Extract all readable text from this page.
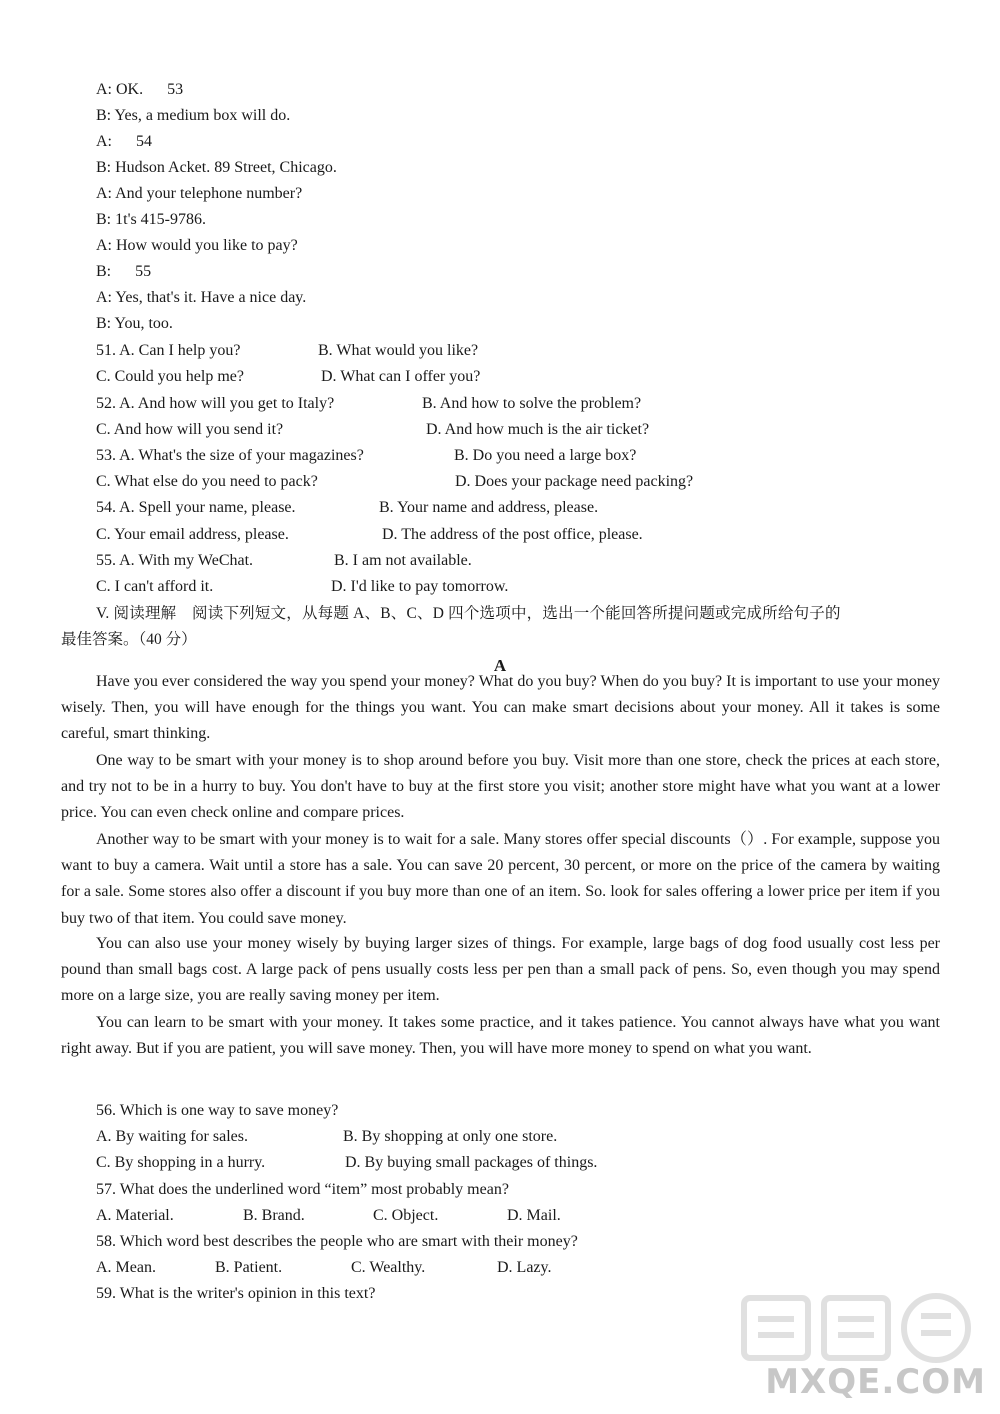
A: OK. 53
B: Yes, a medium box will do.
A: 54
B: Hudson Acket. 89 Street, Chicago.
A: And your telephone number?
B: 1t's 415-9786.
A: How would you like to pay?
B: 55
A: Yes, that's it. Have a nice day.
B: You, too.
51. A. Can I help you?	B. What would you like?
C. Could you help me?	D. What can I offer you?
52. A. And how will you get to Italy?	B. And how to solve the problem?
C. And how will you send it?	D. And how much is the air ticket?
53. A. What's the size of your magazines?	B. Do you need a large box?
C. What else do you need to pack?	D. Does your package need packing?
54. A. Spell your name, please.	B. Your name and address, please.
C. Your email address, please.	D. The address of the post office, please.
55. A. With my WeChat.	B. I am not available.
C. I can't afford it.	D. I'd like to pay tomorrow.
V. 阅读理解　阅读下列短文，从每题 A、B、C、D 四个选项中，选出一个能回答所提问题或完成所给句子的
最佳答案。（40 分）
A

Have you ever considered the way you spend your money? What do you buy? When do you buy? It is important to use your money wisely. Then, you will have enough for the things you want. You can make smart decisions about your money. All it takes is some careful, smart thinking.

One way to be smart with your money is to shop around before you buy. Visit more than one store, check the prices at each store, and try not to be in a hurry to buy. You don't have to buy at the first store you visit; another store might have what you want at a lower price. You can even check online and compare prices.

Another way to be smart with your money is to wait for a sale. Many stores offer special discounts（）. For example, suppose you want to buy a camera. Wait until a store has a sale. You can save 20 percent, 30 percent, or more on the price of the camera by waiting for a sale. Some stores also offer a discount if you buy more than one of an item. So. look for sales offering a lower price per item if you buy two of that item. You could save money.

You can also use your money wisely by buying larger sizes of things. For example, large bags of dog food usually cost less per pound than small bags cost. A large pack of pens usually costs less per pen than a small pack of pens. So, even though you may spend more on a large size, you are really saving money per item.

You can learn to be smart with your money. It takes some practice, and it takes patience. You cannot always have what you want right away. But if you are patient, you will save money. Then, you will have more money to spend on what you want.

56. Which is one way to save money?
A. By waiting for sales.	B. By shopping at only one store.
C. By shopping in a hurry.	D. By buying small packages of things.
57. What does the underlined word “item” most probably mean?
A. Material.	B. Brand.	C. Object.	D. Mail.
58. Which word best describes the people who are smart with their money?
A. Mean.	B. Patient.	C. Wealthy.	D. Lazy.
59. What is the writer's opinion in this text?
MXQE.COM
